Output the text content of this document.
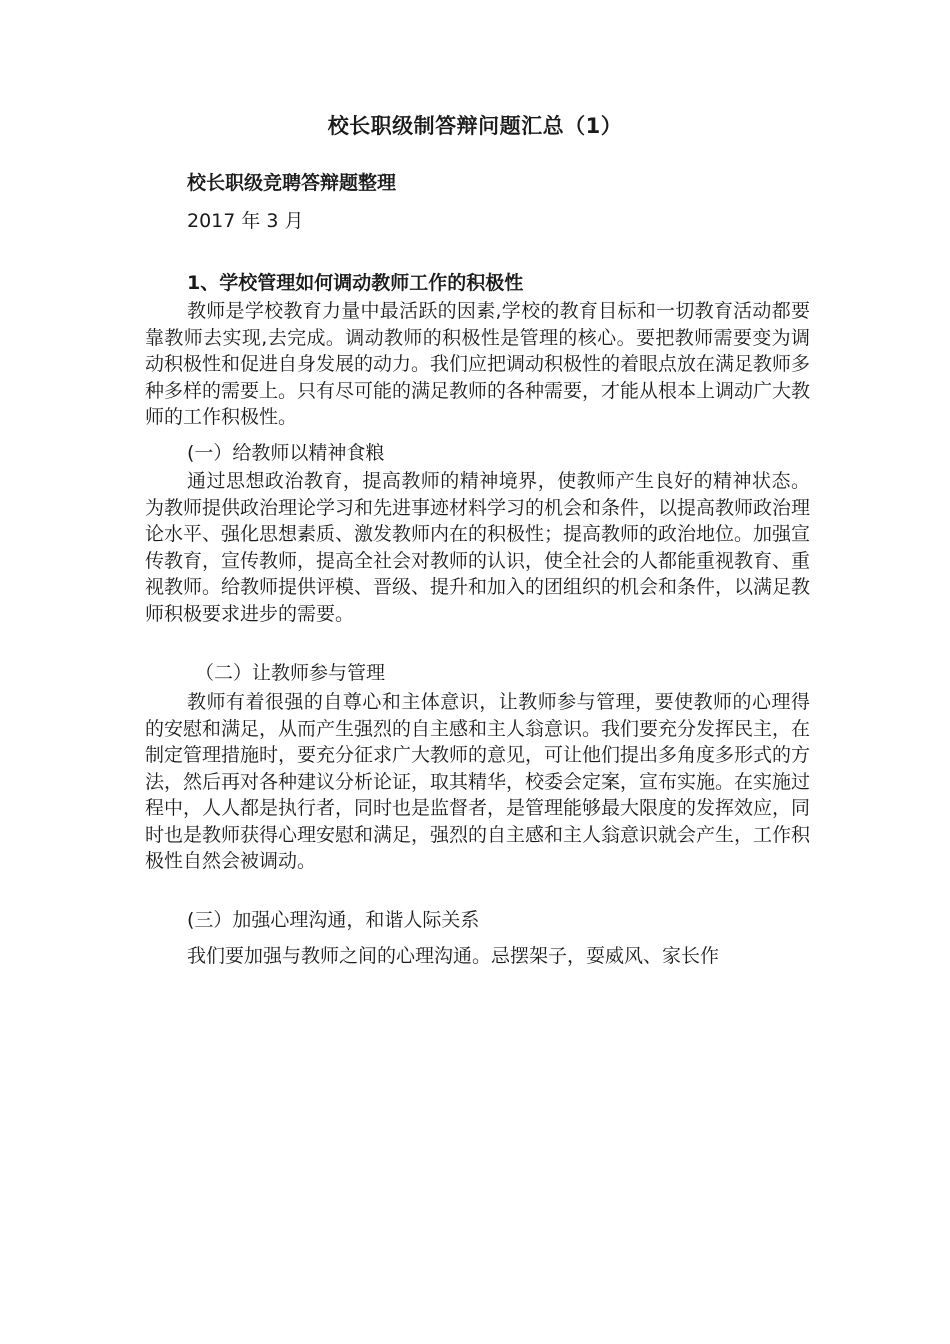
校长职级制答辩问题汇总（1）

校长职级竞聘答辩题整理

2017 年 3 月

1、学校管理如何调动教师工作的积极性

教师是学校教育力量中最活跃的因素,学校的教育目标和一切教育活动都要靠教师去实现,去完成。调动教师的积极性是管理的核心。要把教师需要变为调动积极性和促进自身发展的动力。我们应把调动积极性的着眼点放在满足教师多种多样的需要上。只有尽可能的满足教师的各种需要，才能从根本上调动广大教师的工作积极性。

(一）给教师以精神食粮

通过思想政治教育，提高教师的精神境界，使教师产生良好的精神状态。为教师提供政治理论学习和先进事迹材料学习的机会和条件，以提高教师政治理论水平、强化思想素质、激发教师内在的积极性；提高教师的政治地位。加强宣传教育，宣传教师，提高全社会对教师的认识，使全社会的人都能重视教育、重视教师。给教师提供评模、晋级、提升和加入的团组织的机会和条件，以满足教师积极要求进步的需要。

（二）让教师参与管理

教师有着很强的自尊心和主体意识，让教师参与管理，要使教师的心理得的安慰和满足，从而产生强烈的自主感和主人翁意识。我们要充分发挥民主，在制定管理措施时，要充分征求广大教师的意见，可让他们提出多角度多形式的方法，然后再对各种建议分析论证，取其精华，校委会定案，宣布实施。在实施过程中，人人都是执行者，同时也是监督者，是管理能够最大限度的发挥效应，同时也是教师获得心理安慰和满足，强烈的自主感和主人翁意识就会产生，工作积极性自然会被调动。

(三）加强心理沟通，和谐人际关系

我们要加强与教师之间的心理沟通。忌摆架子，耍威风、家长作
